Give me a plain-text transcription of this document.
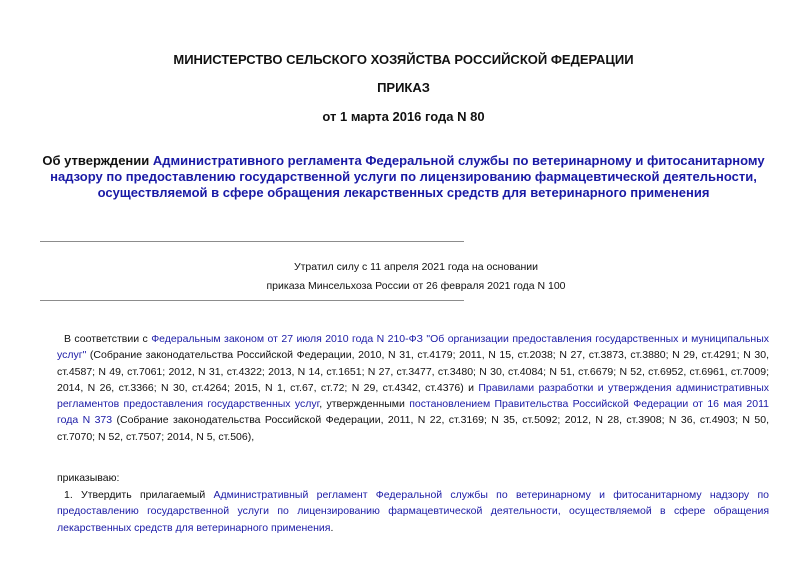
МИНИСТЕРСТВО СЕЛЬСКОГО ХОЗЯЙСТВА РОССИЙСКОЙ ФЕДЕРАЦИИ
ПРИКАЗ
от 1 марта 2016 года N 80
Об утверждении Административного регламента Федеральной службы по ветеринарному и фитосанитарному надзору по предоставлению государственной услуги по лицензированию фармацевтической деятельности, осуществляемой в сфере обращения лекарственных средств для ветеринарного применения
Утратил силу с 11 апреля 2021 года на основании
приказа Минсельхоза России от 26 февраля 2021 года N 100
В соответствии с Федеральным законом от 27 июля 2010 года N 210-ФЗ "Об организации предоставления государственных и муниципальных услуг" (Собрание законодательства Российской Федерации, 2010, N 31, ст.4179; 2011, N 15, ст.2038; N 27, ст.3873, ст.3880; N 29, ст.4291; N 30, ст.4587; N 49, ст.7061; 2012, N 31, ст.4322; 2013, N 14, ст.1651; N 27, ст.3477, ст.3480; N 30, ст.4084; N 51, ст.6679; N 52, ст.6952, ст.6961, ст.7009; 2014, N 26, ст.3366; N 30, ст.4264; 2015, N 1, ст.67, ст.72; N 29, ст.4342, ст.4376) и Правилами разработки и утверждения административных регламентов предоставления государственных услуг, утвержденными постановлением Правительства Российской Федерации от 16 мая 2011 года N 373 (Собрание законодательства Российской Федерации, 2011, N 22, ст.3169; N 35, ст.5092; 2012, N 28, ст.3908; N 36, ст.4903; N 50, ст.7070; N 52, ст.7507; 2014, N 5, ст.506),
приказываю:
1. Утвердить прилагаемый Административный регламент Федеральной службы по ветеринарному и фитосанитарному надзору по предоставлению государственной услуги по лицензированию фармацевтической деятельности, осуществляемой в сфере обращения лекарственных средств для ветеринарного применения.
